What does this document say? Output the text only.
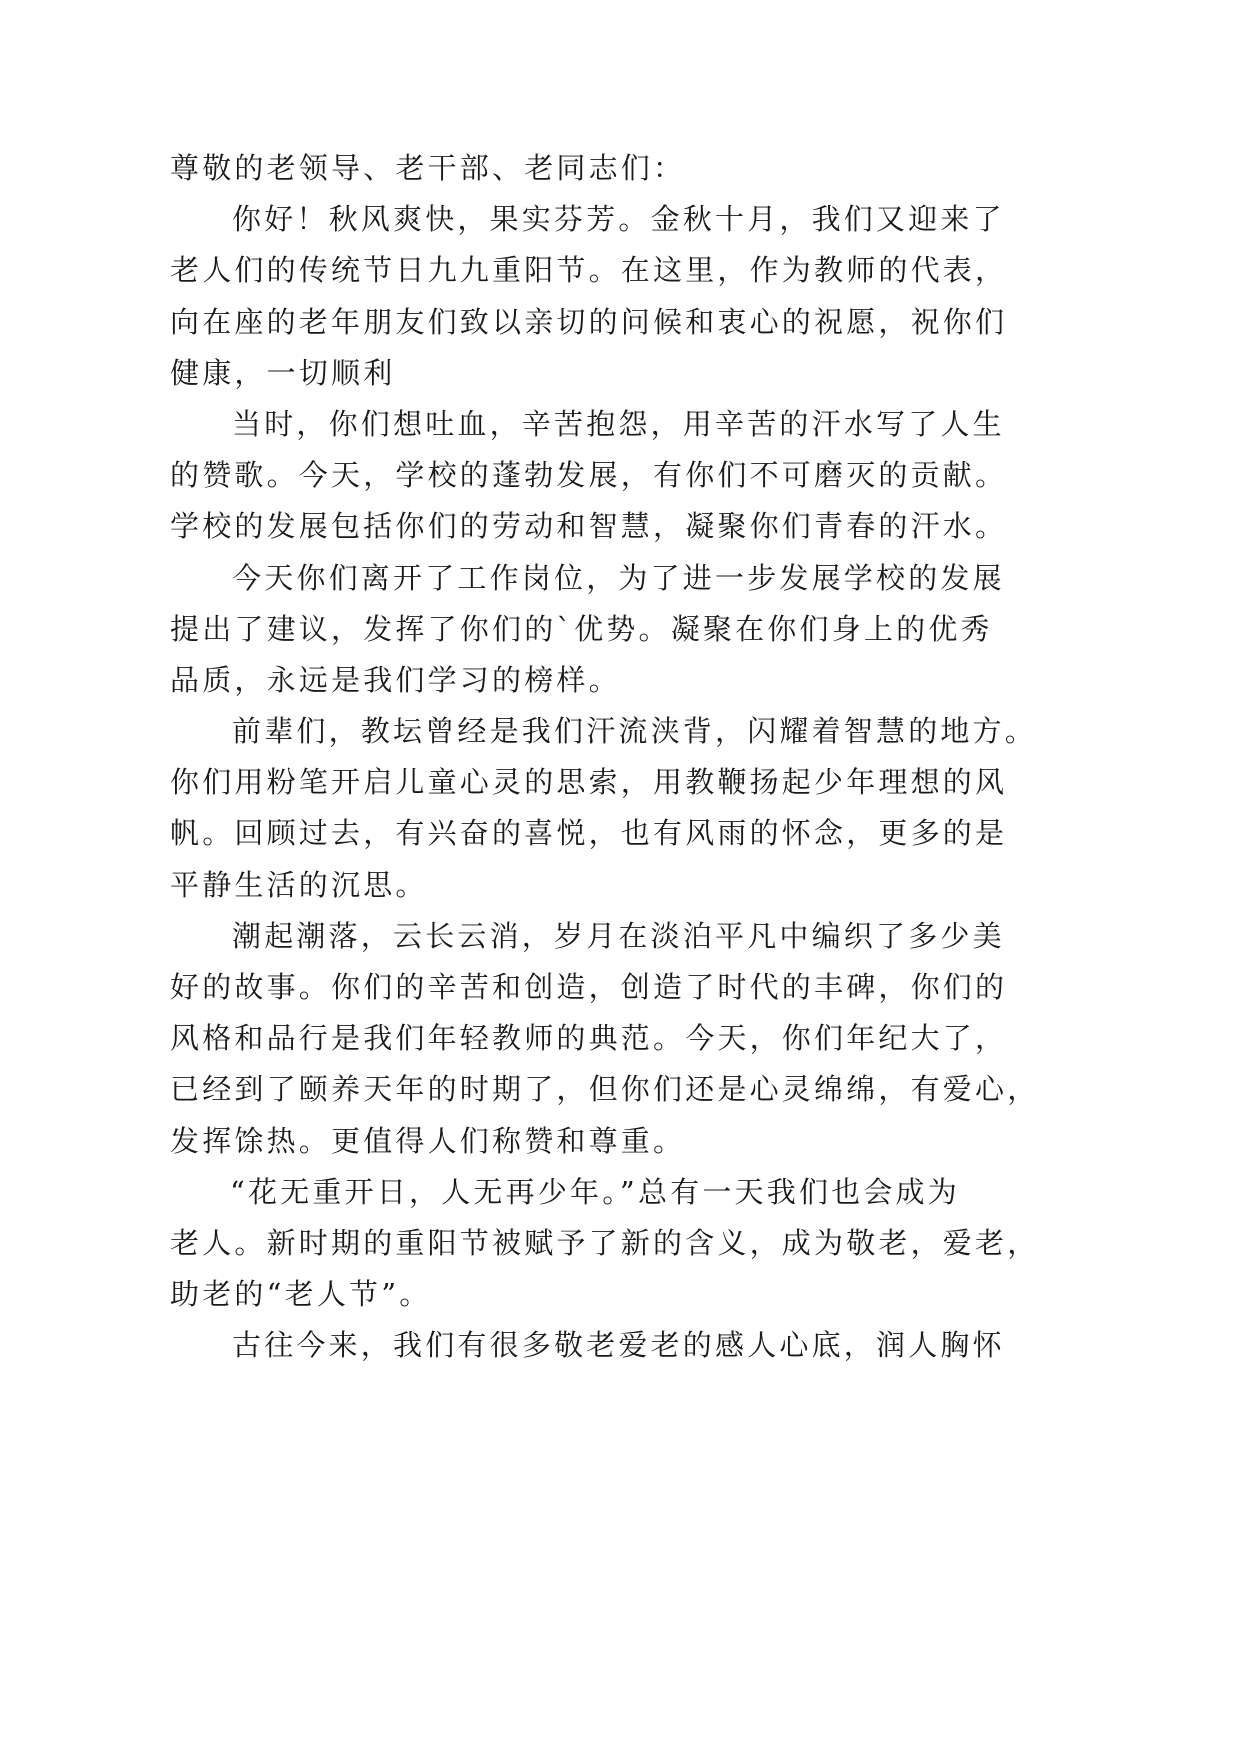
尊敬的老领导、老干部、老同志们：
你好！秋风爽快，果实芬芳。金秋十月，我们又迎来了
老人们的传统节日九九重阳节。在这里，作为教师的代表，
向在座的老年朋友们致以亲切的问候和衷心的祝愿，祝你们
健康，一切顺利
当时，你们想吐血，辛苦抱怨，用辛苦的汗水写了人生
的赞歌。今天，学校的蓬勃发展，有你们不可磨灭的贡献。
学校的发展包括你们的劳动和智慧，凝聚你们青春的汗水。
今天你们离开了工作岗位，为了进一步发展学校的发展
提出了建议，发挥了你们的`优势。凝聚在你们身上的优秀
品质，永远是我们学习的榜样。
前辈们，教坛曾经是我们汗流浃背，闪耀着智慧的地方。
你们用粉笔开启儿童心灵的思索，用教鞭扬起少年理想的风
帆。回顾过去，有兴奋的喜悦，也有风雨的怀念，更多的是
平静生活的沉思。
潮起潮落，云长云消，岁月在淡泊平凡中编织了多少美
好的故事。你们的辛苦和创造，创造了时代的丰碑，你们的
风格和品行是我们年轻教师的典范。今天，你们年纪大了，
已经到了颐养天年的时期了，但你们还是心灵绵绵，有爱心，
发挥馀热。更值得人们称赞和尊重。
“花无重开日，人无再少年。”总有一天我们也会成为
老人。新时期的重阳节被赋予了新的含义，成为敬老，爱老，
助老的“老人节”。
古往今来，我们有很多敬老爱老的感人心底，润人胸怀
